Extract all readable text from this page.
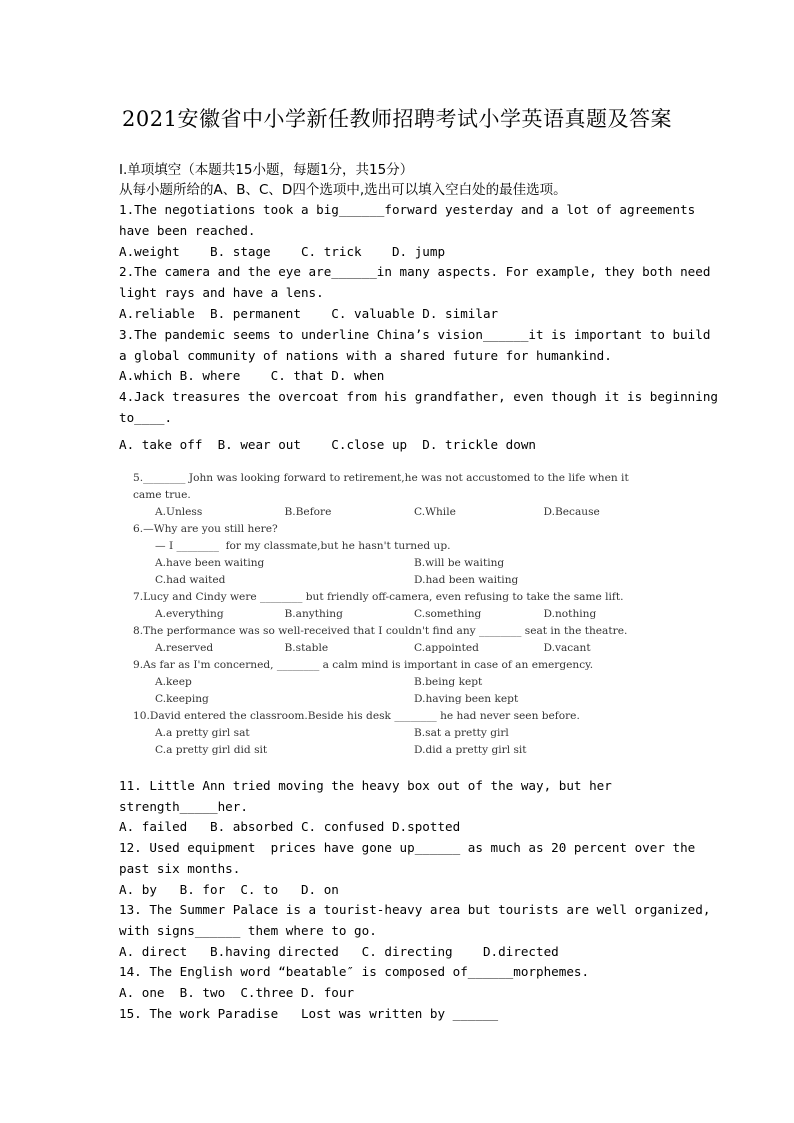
2021安徽省中小学新任教师招聘考试小学英语真题及答案
I.单项填空（本题共15小题，每题1分，共15分）
从每小题所给的A、B、C、D四个选项中,选出可以填入空白处的最佳选项。
1.The negotiations took a big______forward yesterday and a lot of agreements
have been reached.
A.weight    B. stage    C. trick    D. jump
2.The camera and the eye are______in many aspects. For example, they both need
light rays and have a lens.
A.reliable  B. permanent    C. valuable D. similar
3.The pandemic seems to underline China’s vision______it is important to build
a global community of nations with a shared future for humankind.
A.which B. where    C. that D. when
4.Jack treasures the overcoat from his grandfather, even though it is beginning
to____.
A. take off  B. wear out    C.close up  D. trickle down
5.________ John was looking forward to retirement,he was not accustomed to the life when it
came true.
A.Unless	B.Before	C.While	D.Because
6.—Why are you still here?
— I ________  for my classmate,but he hasn't turned up.
A.have been waiting	B.will be waiting
C.had waited	D.had been waiting
7.Lucy and Cindy were ________ but friendly off-camera, even refusing to take the same lift.
A.everything	B.anything	C.something	D.nothing
8.The performance was so well-received that I couldn't find any ________ seat in the theatre.
A.reserved	B.stable	C.appointed	D.vacant
9.As far as I'm concerned, ________ a calm mind is important in case of an emergency.
A.keep	B.being kept
C.keeping	D.having been kept
10.David entered the classroom.Beside his desk ________ he had never seen before.
A.a pretty girl sat	B.sat a pretty girl
C.a pretty girl did sit	D.did a pretty girl sit
11. Little Ann tried moving the heavy box out of the way, but her
strength_____her.
A. failed   B. absorbed C. confused D.spotted
12. Used equipment  prices have gone up______ as much as 20 percent over the
past six months.
A. by   B. for  C. to   D. on
13. The Summer Palace is a tourist-heavy area but tourists are well organized,
with signs______ them where to go.
A. direct   B.having directed   C. directing    D.directed
14. The English word “beatable″ is composed of______morphemes.
A. one  B. two  C.three D. four
15. The work Paradise   Lost was written by ______
